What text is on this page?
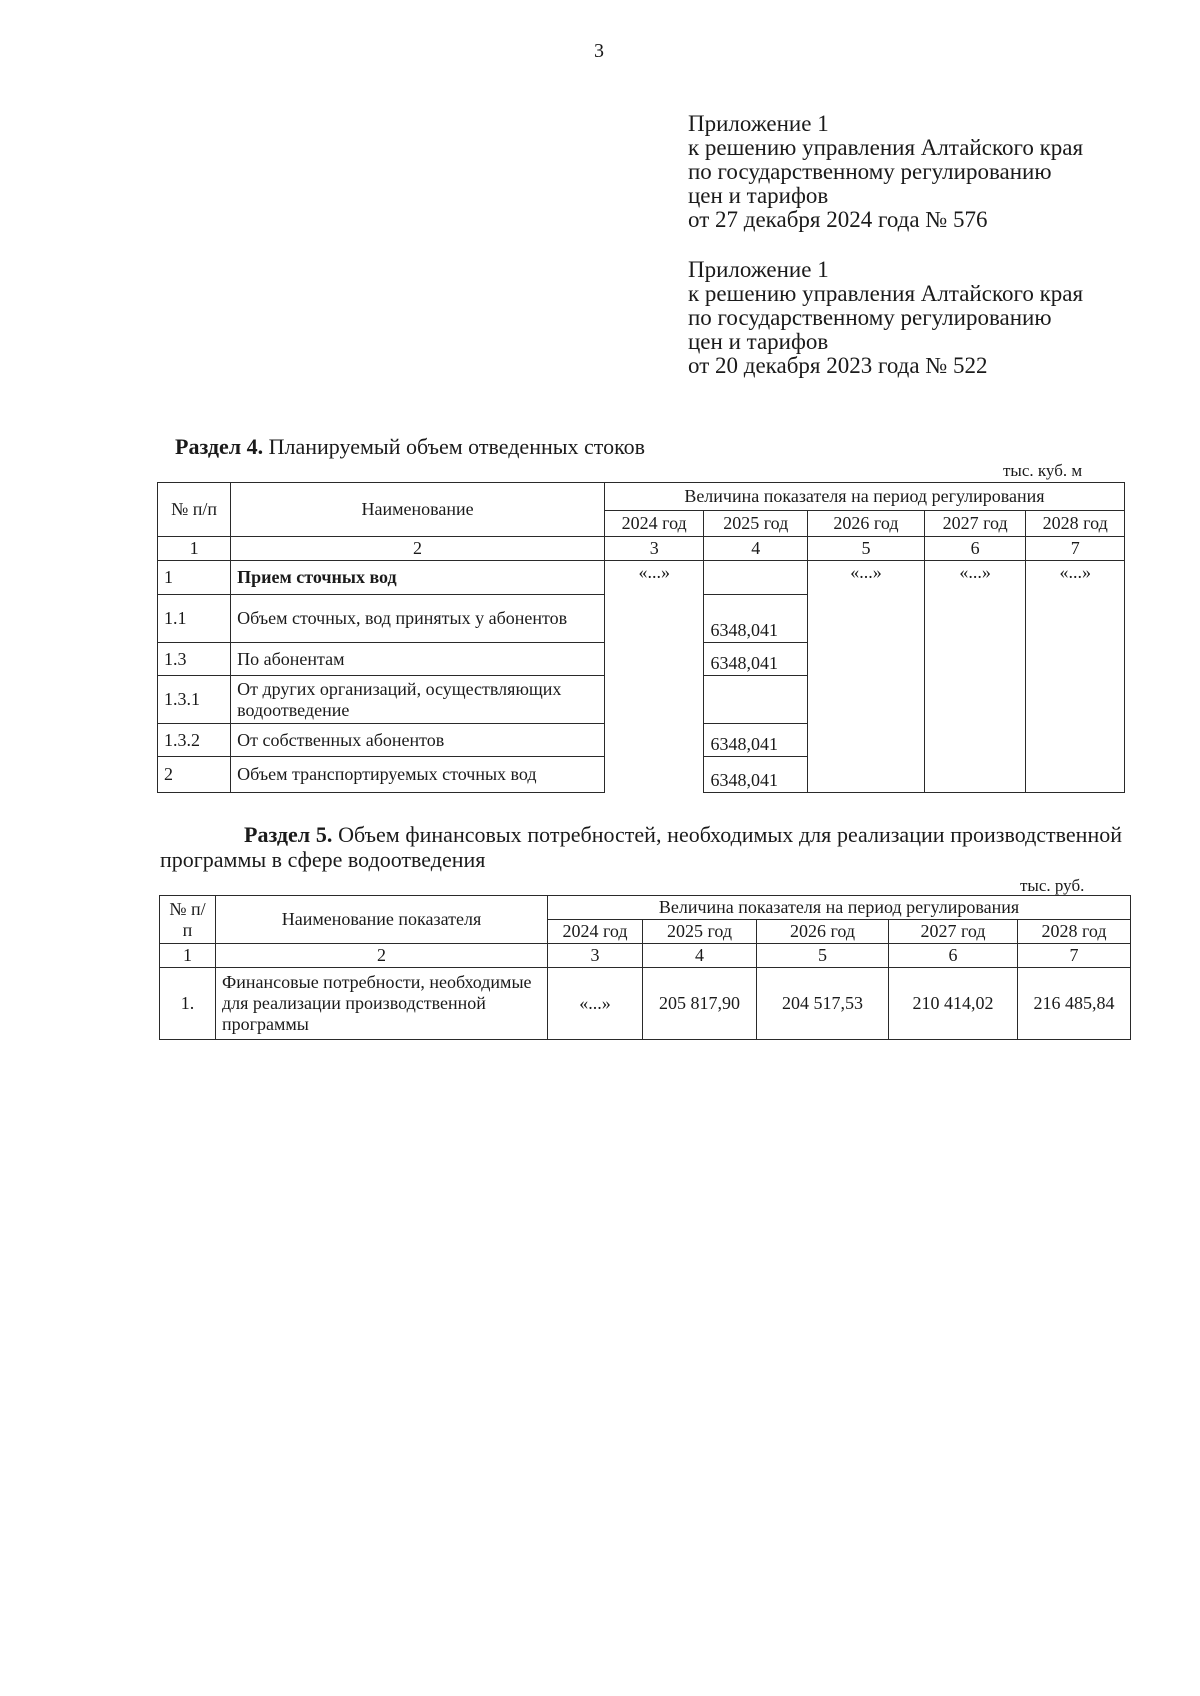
3
Приложение 1
к решению управления Алтайского края
по государственному регулированию
цен и тарифов
от 27 декабря 2024 года № 576
Приложение 1
к решению управления Алтайского края
по государственному регулированию
цен и тарифов
от 20 декабря 2023 года № 522
Раздел 4. Планируемый объем отведенных стоков
тыс. куб. м
№ п/п	Наименование	Величина показателя на период регулирования				
		2024 год	2025 год	2026 год	2027 год	2028 год
1	2	3	4	5	6	7
1	Прием сточных вод	«...»		«...»	«...»	«...»
1.1	Объем сточных, вод принятых у абонентов		6348,041			
1.3	По абонентам		6348,041			
1.3.1	От других организаций, осуществляющих водоотведение					
1.3.2	От собственных абонентов		6348,041			
2	Объем транспортируемых сточных вод		6348,041			
Раздел 5. Объем финансовых потребностей, необходимых для реализации производственной программы в сфере водоотведения
тыс. руб.
№ п/п	Наименование показателя	Величина показателя на период регулирования				
		2024 год	2025 год	2026 год	2027 год	2028 год
1	2	3	4	5	6	7
1.	Финансовые потребности, необходимые для реализации производственной программы	«...»	205 817,90	204 517,53	210 414,02	216 485,84
